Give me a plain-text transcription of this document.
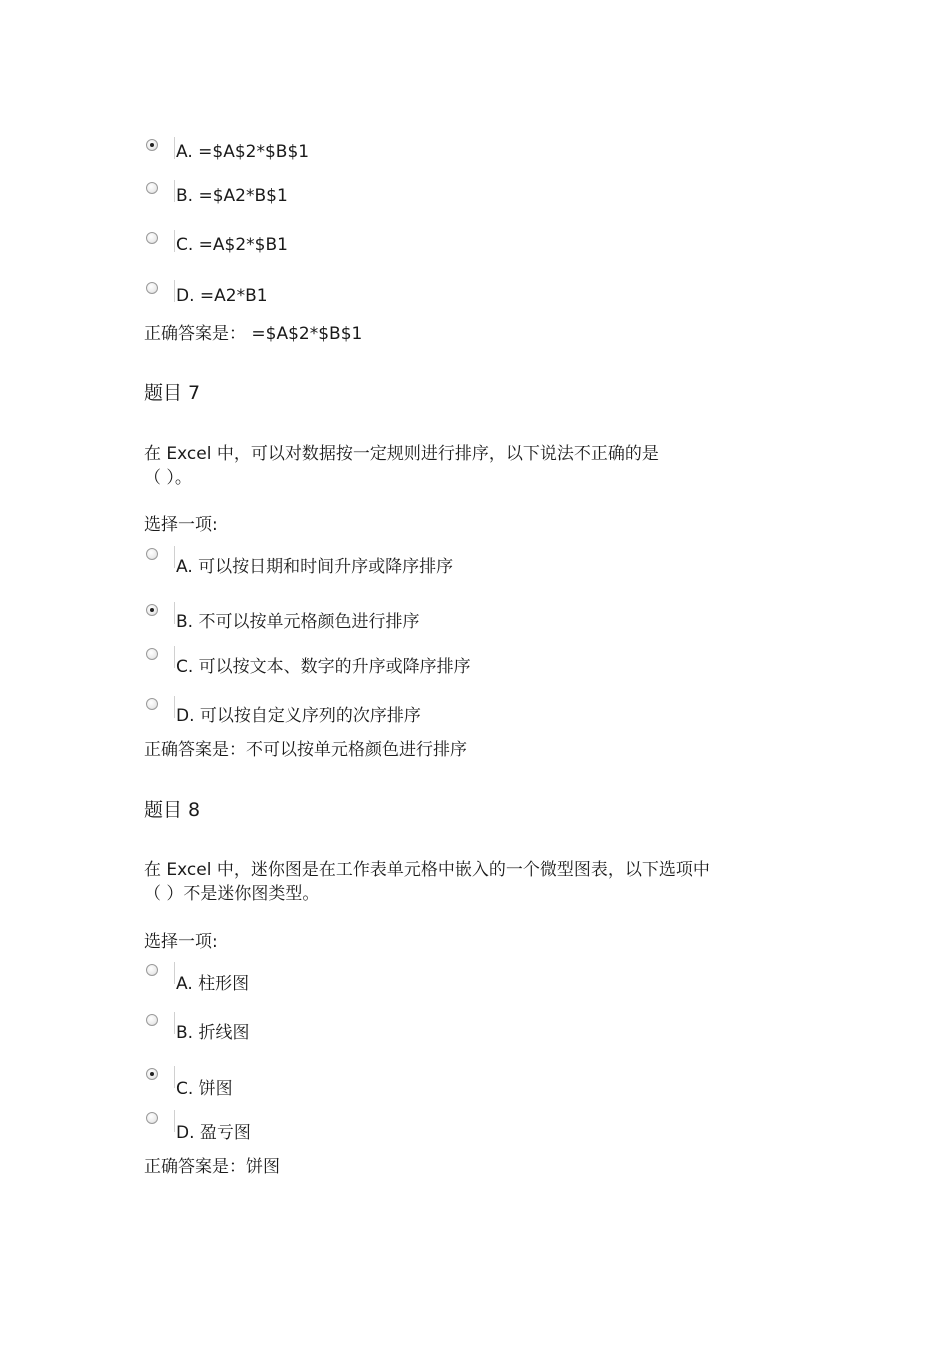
A. =$A$2*$B$1
B. =$A2*B$1
C. =A$2*$B1
D. =A2*B1
正确答案是： =$A$2*$B$1
题目 7
在 Excel 中，可以对数据按一定规则进行排序，以下说法不正确的是
（ ）。
选择一项:
A. 可以按日期和时间升序或降序排序
B. 不可以按单元格颜色进行排序
C. 可以按文本、数字的升序或降序排序
D. 可以按自定义序列的次序排序
正确答案是：不可以按单元格颜色进行排序
题目 8
在 Excel 中，迷你图是在工作表单元格中嵌入的一个微型图表，以下选项中
（ ）不是迷你图类型。
选择一项:
A. 柱形图
B. 折线图
C. 饼图
D. 盈亏图
正确答案是：饼图
